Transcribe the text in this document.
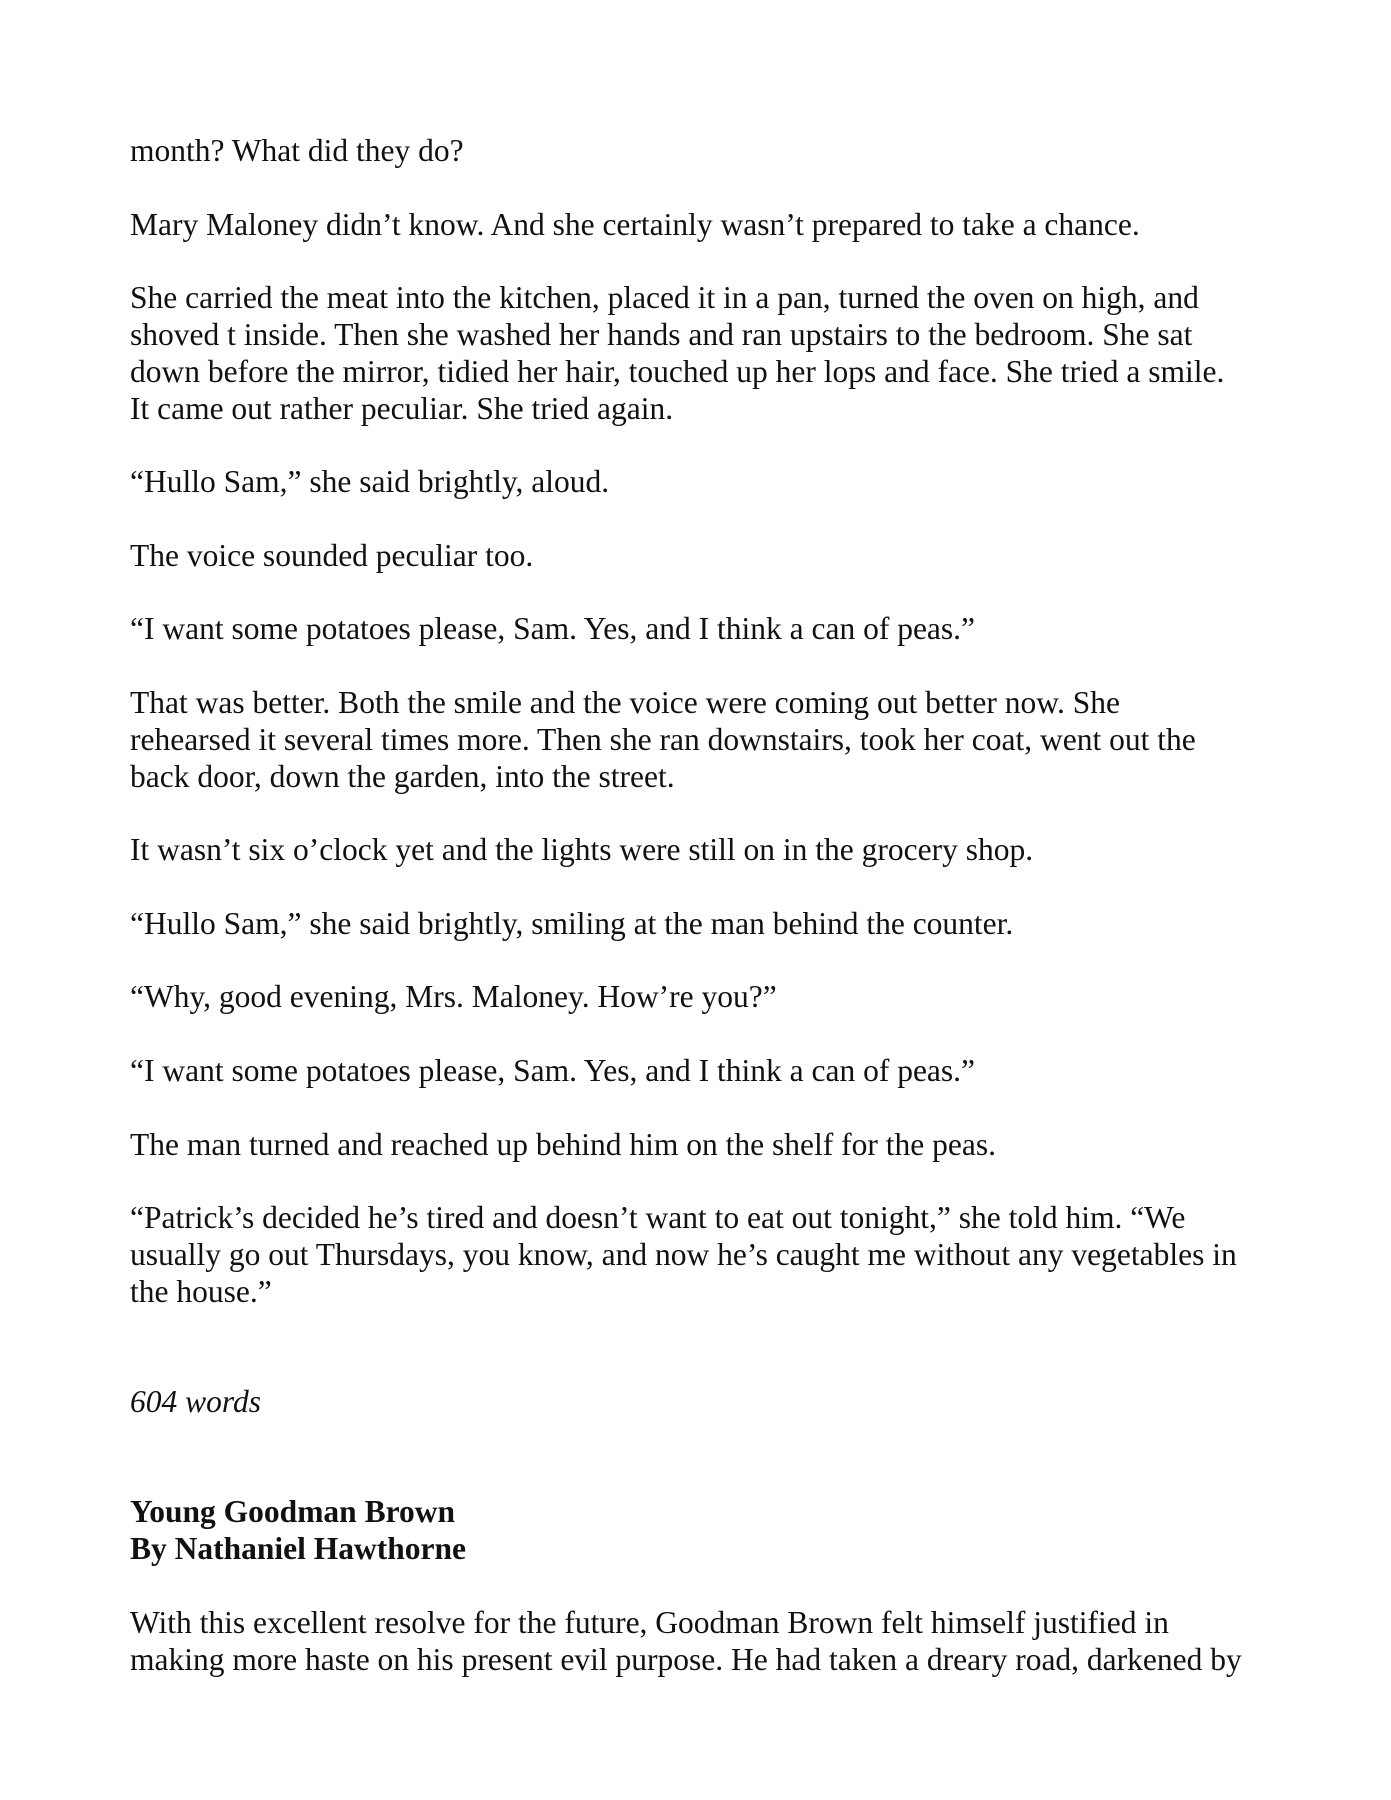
month? What did they do?

Mary Maloney didn’t know. And she certainly wasn’t prepared to take a chance.

She carried the meat into the kitchen, placed it in a pan, turned the oven on high, and
shoved t inside. Then she washed her hands and ran upstairs to the bedroom. She sat
down before the mirror, tidied her hair, touched up her lops and face. She tried a smile.
It came out rather peculiar. She tried again.

“Hullo Sam,” she said brightly, aloud.

The voice sounded peculiar too.

“I want some potatoes please, Sam. Yes, and I think a can of peas.”

That was better. Both the smile and the voice were coming out better now. She
rehearsed it several times more. Then she ran downstairs, took her coat, went out the
back door, down the garden, into the street.

It wasn’t six o’clock yet and the lights were still on in the grocery shop.

“Hullo Sam,” she said brightly, smiling at the man behind the counter.

“Why, good evening, Mrs. Maloney. How’re you?”

“I want some potatoes please, Sam. Yes, and I think a can of peas.”

The man turned and reached up behind him on the shelf for the peas.

“Patrick’s decided he’s tired and doesn’t want to eat out tonight,” she told him. “We
usually go out Thursdays, you know, and now he’s caught me without any vegetables in
the house.”

604 words

Young Goodman Brown
By Nathaniel Hawthorne

With this excellent resolve for the future, Goodman Brown felt himself justified in
making more haste on his present evil purpose. He had taken a dreary road, darkened by
